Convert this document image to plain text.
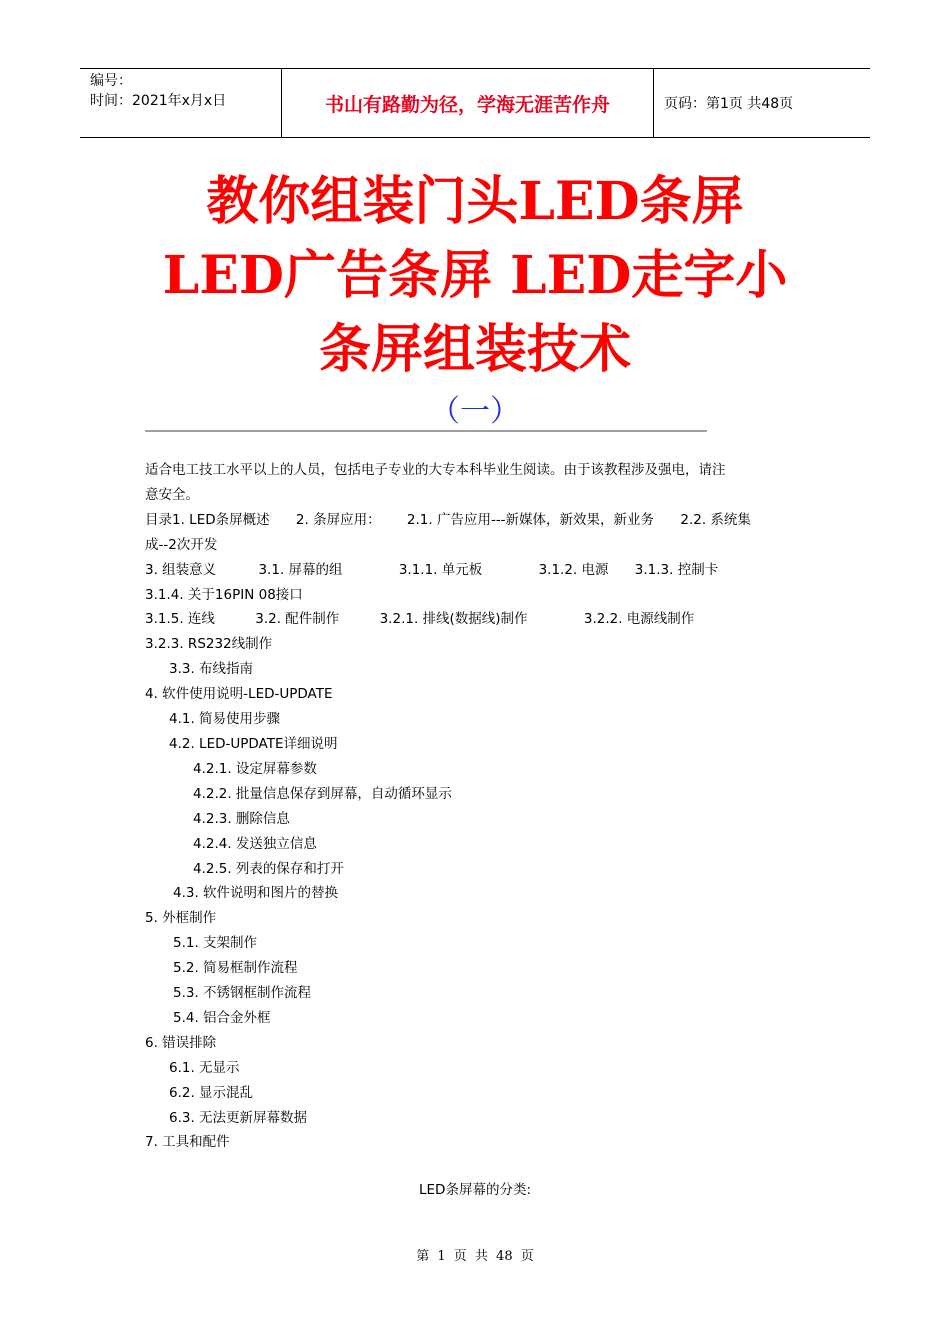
编号：
时间：2021年x月x日	书山有路勤为径，学海无涯苦作舟	页码：第1页 共48页
教你组装门头LED条屏
LED广告条屏 LED走字小
条屏组装技术
（一）
适合电工技工水平以上的人员，包括电子专业的大专本科毕业生阅读。由于该教程涉及强电，请注
意安全。
目录1. LED条屏概述 2. 条屏应用： 2.1. 广告应用---新媒体，新效果，新业务 2.2. 系统集
成--2次开发
3. 组装意义	3.1. 屏幕的组	3.1.1. 单元板	3.1.2. 电源 3.1.3. 控制卡
3.1.4. 关于16PIN 08接口
3.1.5. 连线	3.2. 配件制作	3.2.1. 排线(数据线)制作	3.2.2. 电源线制作
3.2.3. RS232线制作
3.3. 布线指南
4. 软件使用说明-LED-UPDATE
4.1. 简易使用步骤
4.2. LED-UPDATE详细说明
4.2.1. 设定屏幕参数
4.2.2. 批量信息保存到屏幕，自动循环显示
4.2.3. 删除信息
4.2.4. 发送独立信息
4.2.5. 列表的保存和打开
4.3. 软件说明和图片的替换
5. 外框制作
5.1. 支架制作
5.2. 简易框制作流程
5.3. 不锈钢框制作流程
5.4. 铝合金外框
6. 错误排除
6.1. 无显示
6.2. 显示混乱
6.3. 无法更新屏幕数据
7. 工具和配件
LED条屏幕的分类:
第 1 页 共 48 页
